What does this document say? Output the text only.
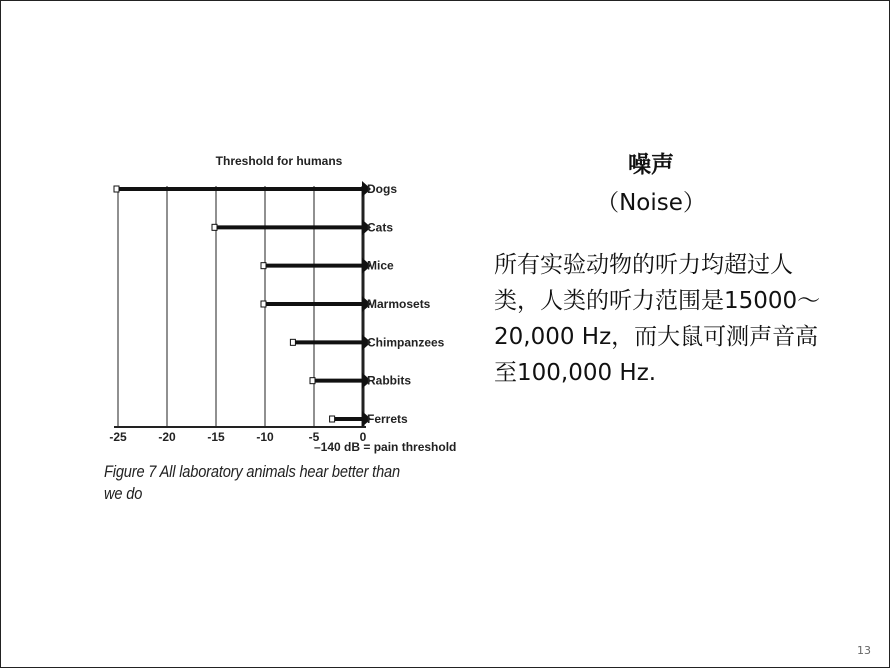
Threshold for humans
Dogs
Cats
Mice
Marmosets
Chimpanzees
Rabbits
Ferrets
-25	-20	-15	-10	-5	0
–140 dB = pain threshold
Figure 7 All laboratory animals hear better than we do
噪声
（Noise）
所有实验动物的听力均超过人类，人类的听力范围是15000～20,000 Hz，而大鼠可测声音高至100,000 Hz.
13
